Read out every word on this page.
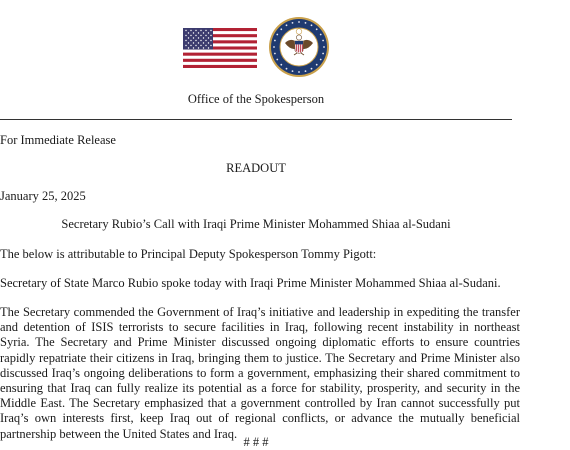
Office of the Spokesperson
For Immediate Release
READOUT
January 25, 2025
Secretary Rubio’s Call with Iraqi Prime Minister Mohammed Shiaa al-Sudani
The below is attributable to Principal Deputy Spokesperson Tommy Pigott:
Secretary of State Marco Rubio spoke today with Iraqi Prime Minister Mohammed Shiaa al-Sudani.
The Secretary commended the Government of Iraq’s initiative and leadership in expediting the transfer and detention of ISIS terrorists to secure facilities in Iraq, following recent instability in northeast Syria. The Secretary and Prime Minister discussed ongoing diplomatic efforts to ensure countries rapidly repatriate their citizens in Iraq, bringing them to justice. The Secretary and Prime Minister also discussed Iraq’s ongoing deliberations to form a government, emphasizing their shared commitment to ensuring that Iraq can fully realize its potential as a force for stability, prosperity, and security in the Middle East. The Secretary emphasized that a government controlled by Iran cannot successfully put Iraq’s own interests first, keep Iraq out of regional conflicts, or advance the mutually beneficial partnership between the United States and Iraq.
# # #
